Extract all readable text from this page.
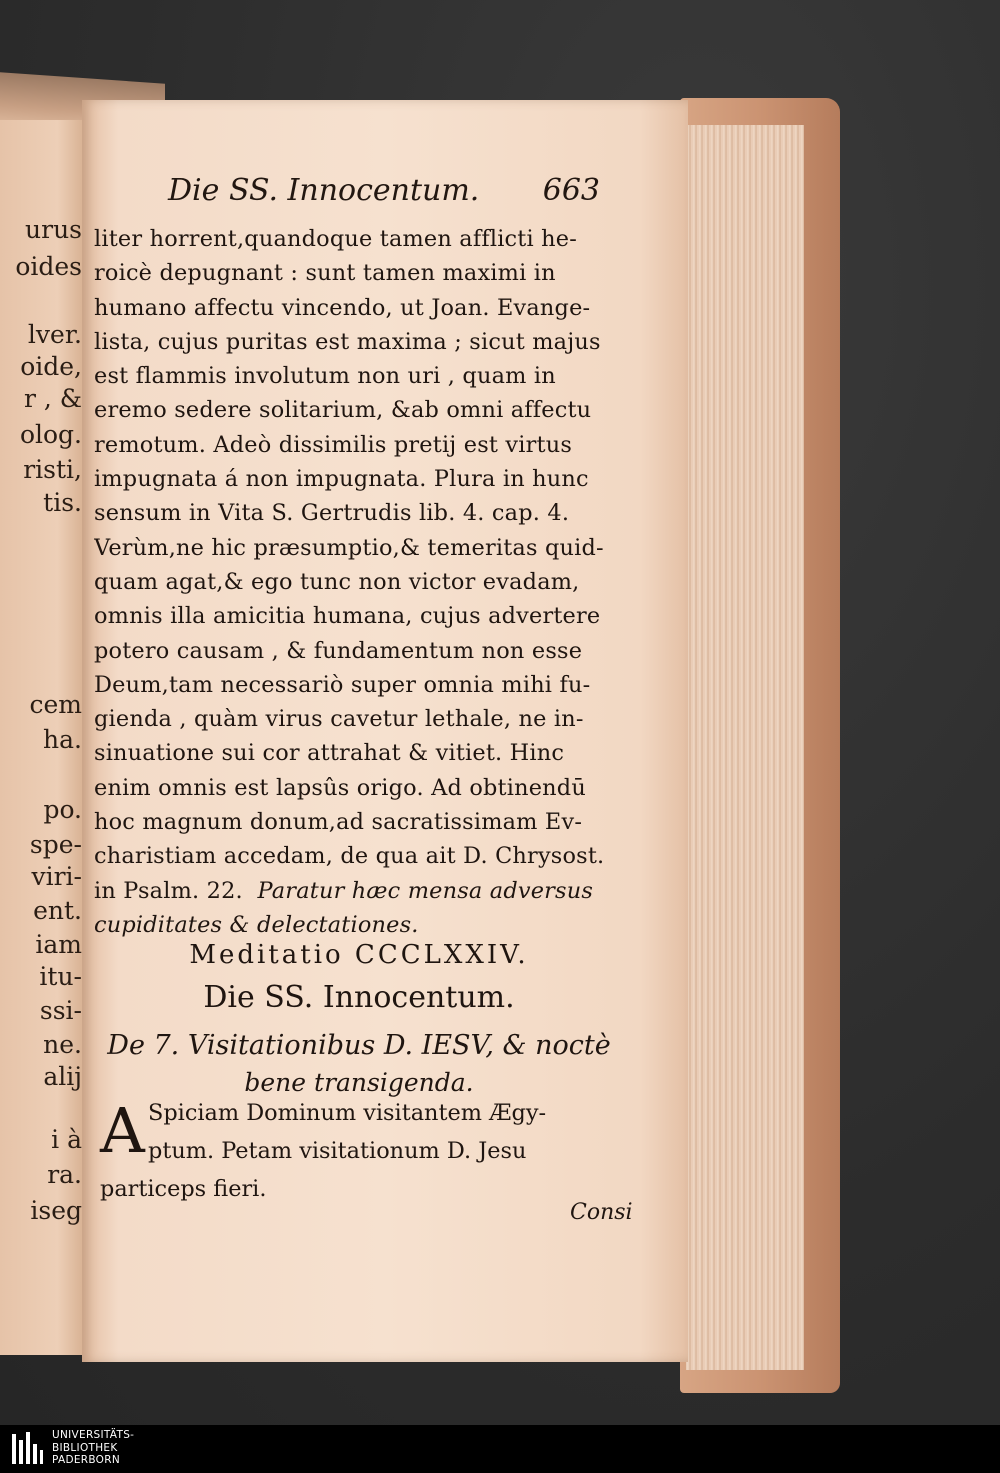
urus
oides
lver.
oide,
r , &
olog.
risti,
tis.
cem
ha.
po.
spe-
viri-
ent.
iam
itu-
ssi-
ne.
alij
i à
ra.
iseg
Die SS. Innocentum. 663
liter horrent,quandoque tamen afflicti he-
roicè depugnant : sunt tamen maximi in
humano affectu vincendo, ut Joan. Evange-
lista, cujus puritas est maxima ; sicut majus
est flammis involutum non uri , quam in
eremo sedere solitarium, &ab omni affectu
remotum. Adeò dissimilis pretij est virtus
impugnata á non impugnata. Plura in hunc
sensum in Vita S. Gertrudis lib. 4. cap. 4.
Verùm,ne hic præsumptio,& temeritas quid-
quam agat,& ego tunc non victor evadam,
omnis illa amicitia humana, cujus advertere
potero causam , & fundamentum non esse
Deum,tam necessariò super omnia mihi fu-
gienda , quàm virus cavetur lethale, ne in-
sinuatione sui cor attrahat & vitiet. Hinc
enim omnis est lapsûs origo. Ad obtinendū
hoc magnum donum,ad sacratissimam Ev-
charistiam accedam, de qua ait D. Chrysost.
in Psalm. 22. Paratur hæc mensa adversus
cupiditates & delectationes.
Meditatio CCCLXXIV.
Die SS. Innocentum.
De 7. Visitationibus D. IESV, & noctè
bene transigenda.
A Spiciam Dominum visitantem Ægy-
ptum. Petam visitationum D. Jesu
particeps fieri.
Consi
UNIVERSITÄTS-
BIBLIOTHEK
PADERBORN
